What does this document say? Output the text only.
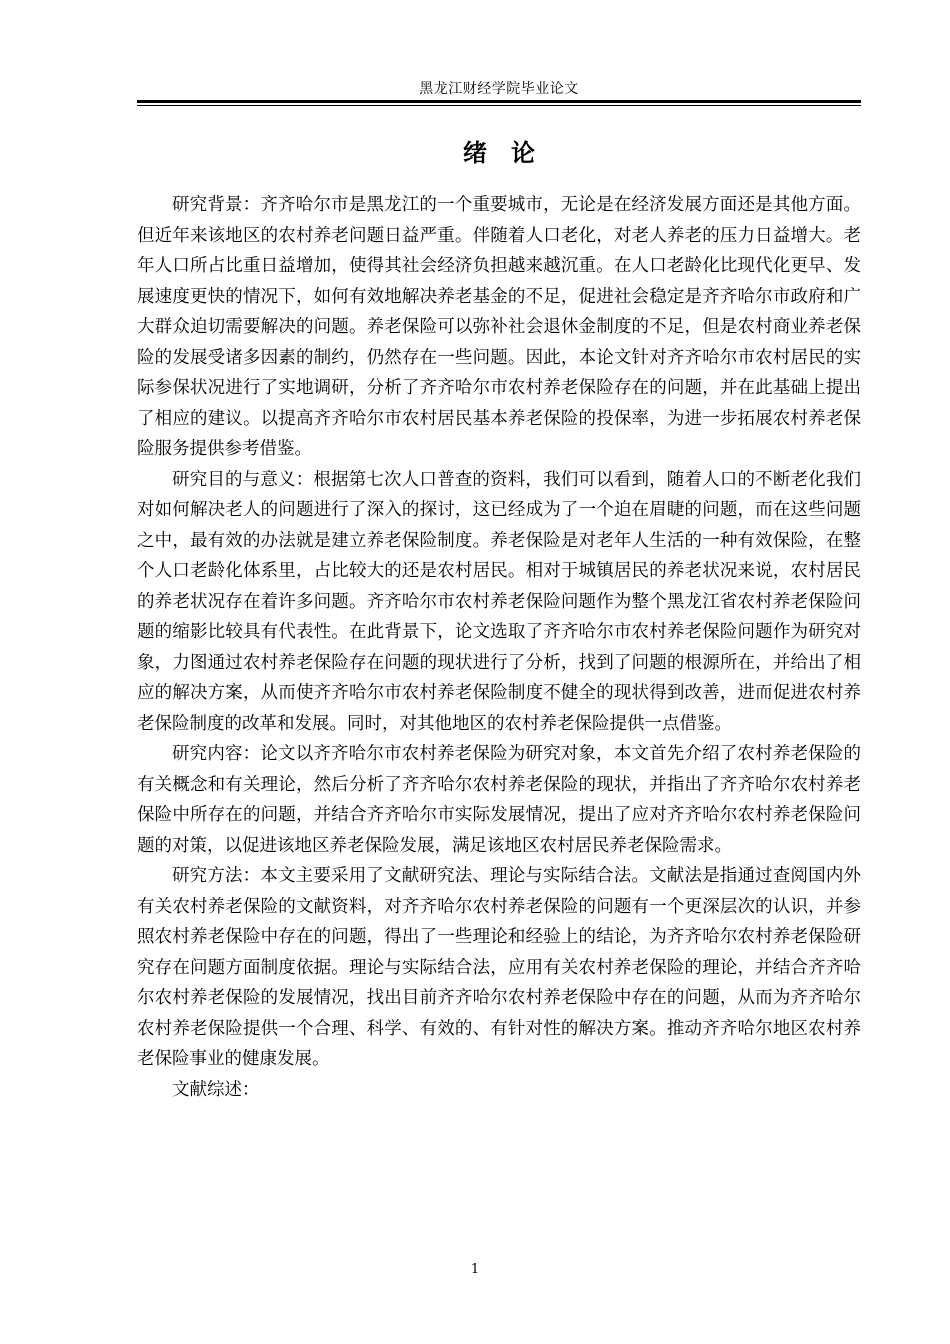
黑龙江财经学院毕业论文
绪论

研究背景：齐齐哈尔市是黑龙江的一个重要城市，无论是在经济发展方面还是其他方面。但近年来该地区的农村养老问题日益严重。伴随着人口老化，对老人养老的压力日益增大。老年人口所占比重日益增加，使得其社会经济负担越来越沉重。在人口老龄化比现代化更早、发展速度更快的情况下，如何有效地解决养老基金的不足，促进社会稳定是齐齐哈尔市政府和广大群众迫切需要解决的问题。养老保险可以弥补社会退休金制度的不足，但是农村商业养老保险的发展受诸多因素的制约，仍然存在一些问题。因此，本论文针对齐齐哈尔市农村居民的实际参保状况进行了实地调研，分析了齐齐哈尔市农村养老保险存在的问题，并在此基础上提出了相应的建议。以提高齐齐哈尔市农村居民基本养老保险的投保率，为进一步拓展农村养老保险服务提供参考借鉴。

研究目的与意义：根据第七次人口普查的资料，我们可以看到，随着人口的不断老化我们对如何解决老人的问题进行了深入的探讨，这已经成为了一个迫在眉睫的问题，而在这些问题之中，最有效的办法就是建立养老保险制度。养老保险是对老年人生活的一种有效保险，在整个人口老龄化体系里，占比较大的还是农村居民。相对于城镇居民的养老状况来说，农村居民的养老状况存在着许多问题。齐齐哈尔市农村养老保险问题作为整个黑龙江省农村养老保险问题的缩影比较具有代表性。在此背景下，论文选取了齐齐哈尔市农村养老保险问题作为研究对象，力图通过农村养老保险存在问题的现状进行了分析，找到了问题的根源所在，并给出了相应的解决方案，从而使齐齐哈尔市农村养老保险制度不健全的现状得到改善，进而促进农村养老保险制度的改革和发展。同时，对其他地区的农村养老保险提供一点借鉴。

研究内容：论文以齐齐哈尔市农村养老保险为研究对象，本文首先介绍了农村养老保险的有关概念和有关理论，然后分析了齐齐哈尔农村养老保险的现状，并指出了齐齐哈尔农村养老保险中所存在的问题，并结合齐齐哈尔市实际发展情况，提出了应对齐齐哈尔农村养老保险问题的对策，以促进该地区养老保险发展，满足该地区农村居民养老保险需求。

研究方法：本文主要采用了文献研究法、理论与实际结合法。文献法是指通过查阅国内外有关农村养老保险的文献资料，对齐齐哈尔农村养老保险的问题有一个更深层次的认识，并参照农村养老保险中存在的问题，得出了一些理论和经验上的结论，为齐齐哈尔农村养老保险研究存在问题方面制度依据。理论与实际结合法，应用有关农村养老保险的理论，并结合齐齐哈尔农村养老保险的发展情况，找出目前齐齐哈尔农村养老保险中存在的问题，从而为齐齐哈尔农村养老保险提供一个合理、科学、有效的、有针对性的解决方案。推动齐齐哈尔地区农村养老保险事业的健康发展。

文献综述：

1
